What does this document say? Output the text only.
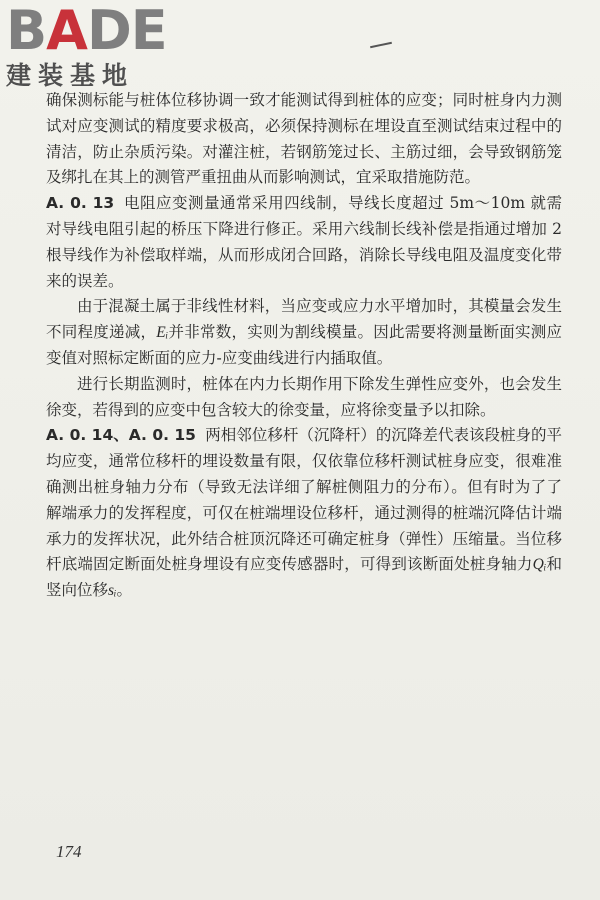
BADE
建装基地

确保测标能与桩体位移协调一致才能测试得到桩体的应变；同时桩身内力测试对应变测试的精度要求极高，必须保持测标在埋设直至测试结束过程中的清洁，防止杂质污染。对灌注桩，若钢筋笼过长、主筋过细，会导致钢筋笼及绑扎在其上的测管严重扭曲从而影响测试，宜采取措施防范。

A. 0. 13 电阻应变测量通常采用四线制，导线长度超过 5m～10m 就需对导线电阻引起的桥压下降进行修正。采用六线制长线补偿是指通过增加 2 根导线作为补偿取样端，从而形成闭合回路，消除长导线电阻及温度变化带来的误差。

由于混凝土属于非线性材料，当应变或应力水平增加时，其模量会发生不同程度递减，Eᵢ并非常数，实则为割线模量。因此需要将测量断面实测应变值对照标定断面的应力-应变曲线进行内插取值。

进行长期监测时，桩体在内力长期作用下除发生弹性应变外，也会发生徐变，若得到的应变中包含较大的徐变量，应将徐变量予以扣除。

A. 0. 14、A. 0. 15 两相邻位移杆（沉降杆）的沉降差代表该段桩身的平均应变，通常位移杆的埋设数量有限，仅依靠位移杆测试桩身应变，很难准确测出桩身轴力分布（导致无法详细了解桩侧阻力的分布）。但有时为了了解端承力的发挥程度，可仅在桩端埋设位移杆，通过测得的桩端沉降估计端承力的发挥状况，此外结合桩顶沉降还可确定桩身（弹性）压缩量。当位移杆底端固定断面处桩身埋设有应变传感器时，可得到该断面处桩身轴力Qᵢ和竖向位移sᵢ。

174
